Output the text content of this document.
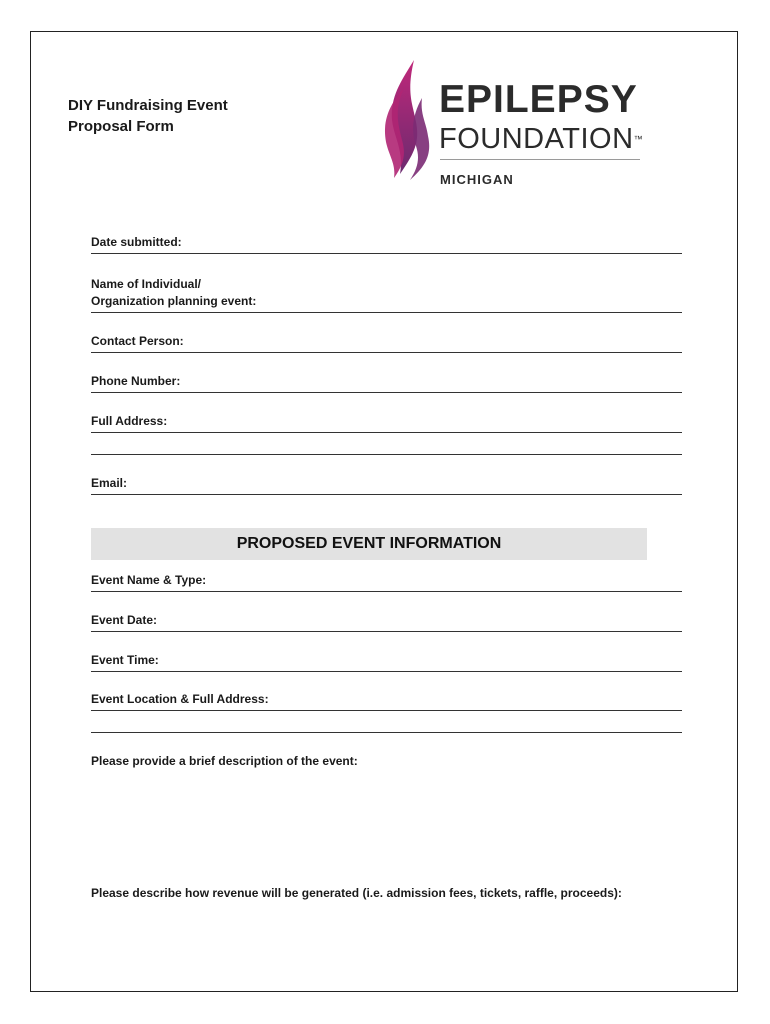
DIY Fundraising Event
Proposal Form
EPILEPSY
FOUNDATION™
MICHIGAN
Date submitted:
Name of Individual/
Organization planning event:
Contact Person:
Phone Number:
Full Address:
Email:
PROPOSED EVENT INFORMATION
Event Name & Type:
Event Date:
Event Time:
Event Location & Full Address:
Please provide a brief description of the event:
Please describe how revenue will be generated (i.e. admission fees, tickets, raffle, proceeds):
